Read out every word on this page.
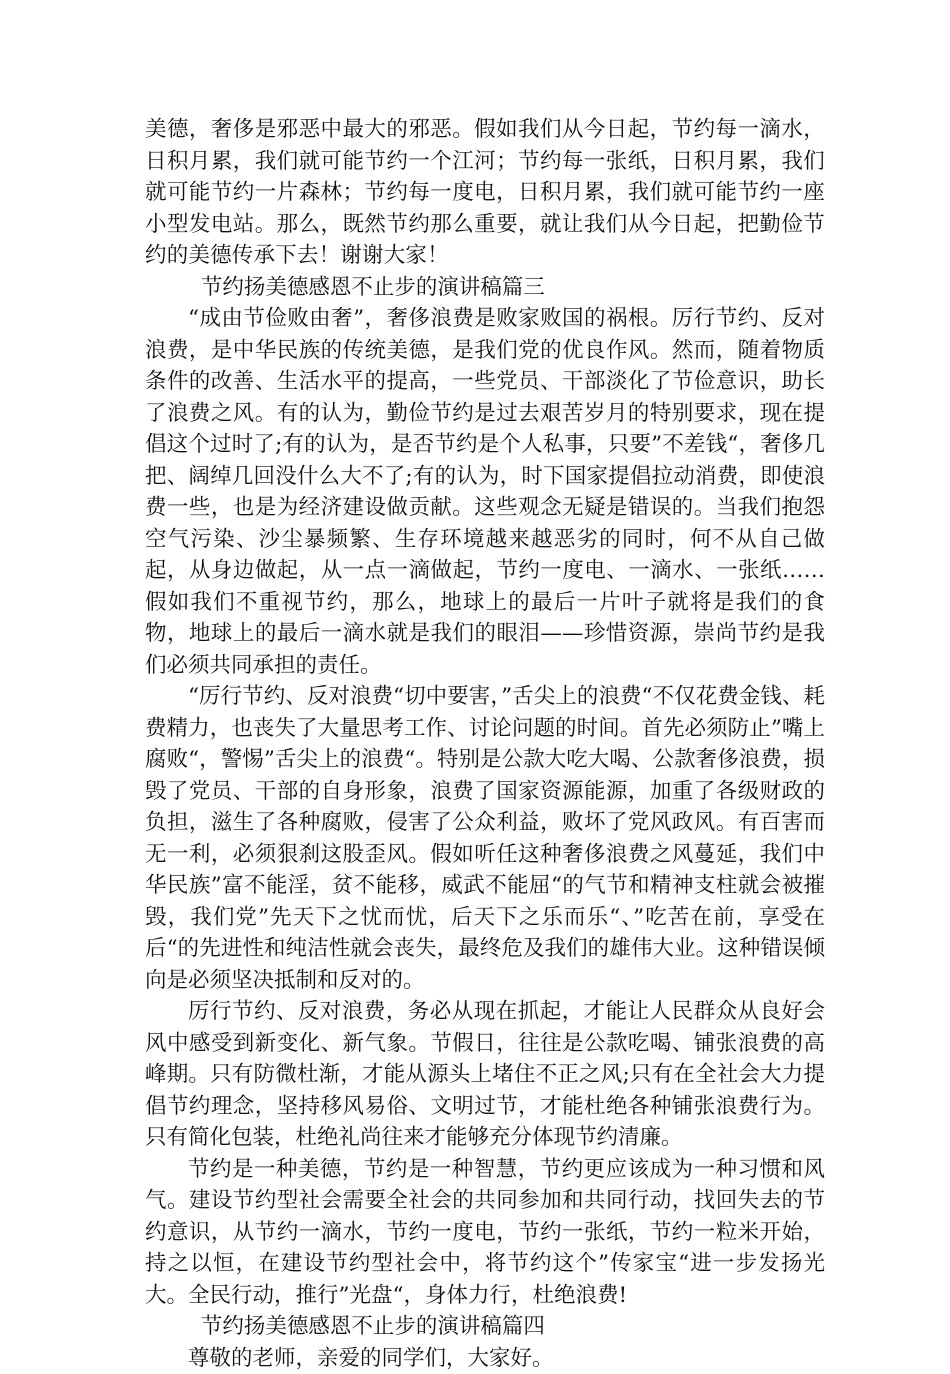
美德，奢侈是邪恶中最大的邪恶。假如我们从今日起，节约每一滴水，日积月累，我们就可能节约一个江河；节约每一张纸，日积月累，我们就可能节约一片森林；节约每一度电，日积月累，我们就可能节约一座小型发电站。那么，既然节约那么重要，就让我们从今日起，把勤俭节约的美德传承下去！谢谢大家！

节约扬美德感恩不止步的演讲稿篇三

“成由节俭败由奢”，奢侈浪费是败家败国的祸根。厉行节约、反对浪费，是中华民族的传统美德，是我们党的优良作风。然而，随着物质条件的改善、生活水平的提高，一些党员、干部淡化了节俭意识，助长了浪费之风。有的认为，勤俭节约是过去艰苦岁月的特别要求，现在提倡这个过时了;有的认为，是否节约是个人私事，只要”不差钱“，奢侈几把、阔绰几回没什么大不了;有的认为，时下国家提倡拉动消费，即使浪费一些，也是为经济建设做贡献。这些观念无疑是错误的。当我们抱怨空气污染、沙尘暴频繁、生存环境越来越恶劣的同时，何不从自己做起，从身边做起，从一点一滴做起，节约一度电、一滴水、一张纸……假如我们不重视节约，那么，地球上的最后一片叶子就将是我们的食物，地球上的最后一滴水就是我们的眼泪——珍惜资源，崇尚节约是我们必须共同承担的责任。

“厉行节约、反对浪费“切中要害，”舌尖上的浪费“不仅花费金钱、耗费精力，也丧失了大量思考工作、讨论问题的时间。首先必须防止”嘴上腐败“，警惕”舌尖上的浪费“。特别是公款大吃大喝、公款奢侈浪费，损毁了党员、干部的自身形象，浪费了国家资源能源，加重了各级财政的负担，滋生了各种腐败，侵害了公众利益，败坏了党风政风。有百害而无一利，必须狠刹这股歪风。假如听任这种奢侈浪费之风蔓延，我们中华民族”富不能淫，贫不能移，威武不能屈“的气节和精神支柱就会被摧毁，我们党”先天下之忧而忧，后天下之乐而乐“、”吃苦在前，享受在后“的先进性和纯洁性就会丧失，最终危及我们的雄伟大业。这种错误倾向是必须坚决抵制和反对的。

厉行节约、反对浪费，务必从现在抓起，才能让人民群众从良好会风中感受到新变化、新气象。节假日，往往是公款吃喝、铺张浪费的高峰期。只有防微杜渐，才能从源头上堵住不正之风;只有在全社会大力提倡节约理念，坚持移风易俗、文明过节，才能杜绝各种铺张浪费行为。只有简化包装，杜绝礼尚往来才能够充分体现节约清廉。

节约是一种美德，节约是一种智慧，节约更应该成为一种习惯和风气。建设节约型社会需要全社会的共同参加和共同行动，找回失去的节约意识，从节约一滴水，节约一度电，节约一张纸，节约一粒米开始，持之以恒，在建设节约型社会中，将节约这个”传家宝“进一步发扬光大。全民行动，推行”光盘“，身体力行，杜绝浪费!

节约扬美德感恩不止步的演讲稿篇四

尊敬的老师，亲爱的同学们，大家好。
